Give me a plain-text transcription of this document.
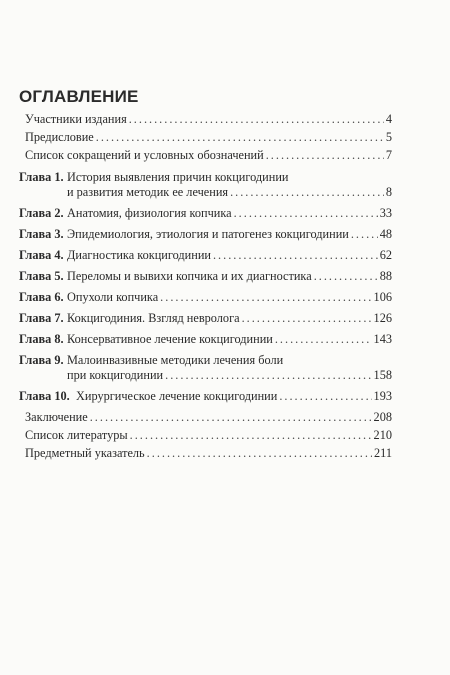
ОГЛАВЛЕНИЕ
Участники издания .....	4
Предисловие .....	5
Список сокращений и условных обозначений .....	7
Глава 1. История выявления причин кокцигодинии
и развития методик ее лечения .....	8
Глава 2. Анатомия, физиология копчика .....	33
Глава 3. Эпидемиология, этиология и патогенез кокцигодинии .....	48
Глава 4. Диагностика кокцигодинии .....	62
Глава 5. Переломы и вывихи копчика и их диагностика .....	88
Глава 6. Опухоли копчика .....	106
Глава 7. Кокцигодиния. Взгляд невролога .....	126
Глава 8. Консервативное лечение кокцигодинии .....	143
Глава 9. Малоинвазивные методики лечения боли
при кокцигодинии .....	158
Глава 10. Хирургическое лечение кокцигодинии .....	193
Заключение .....	208
Список литературы .....	210
Предметный указатель .....	211
